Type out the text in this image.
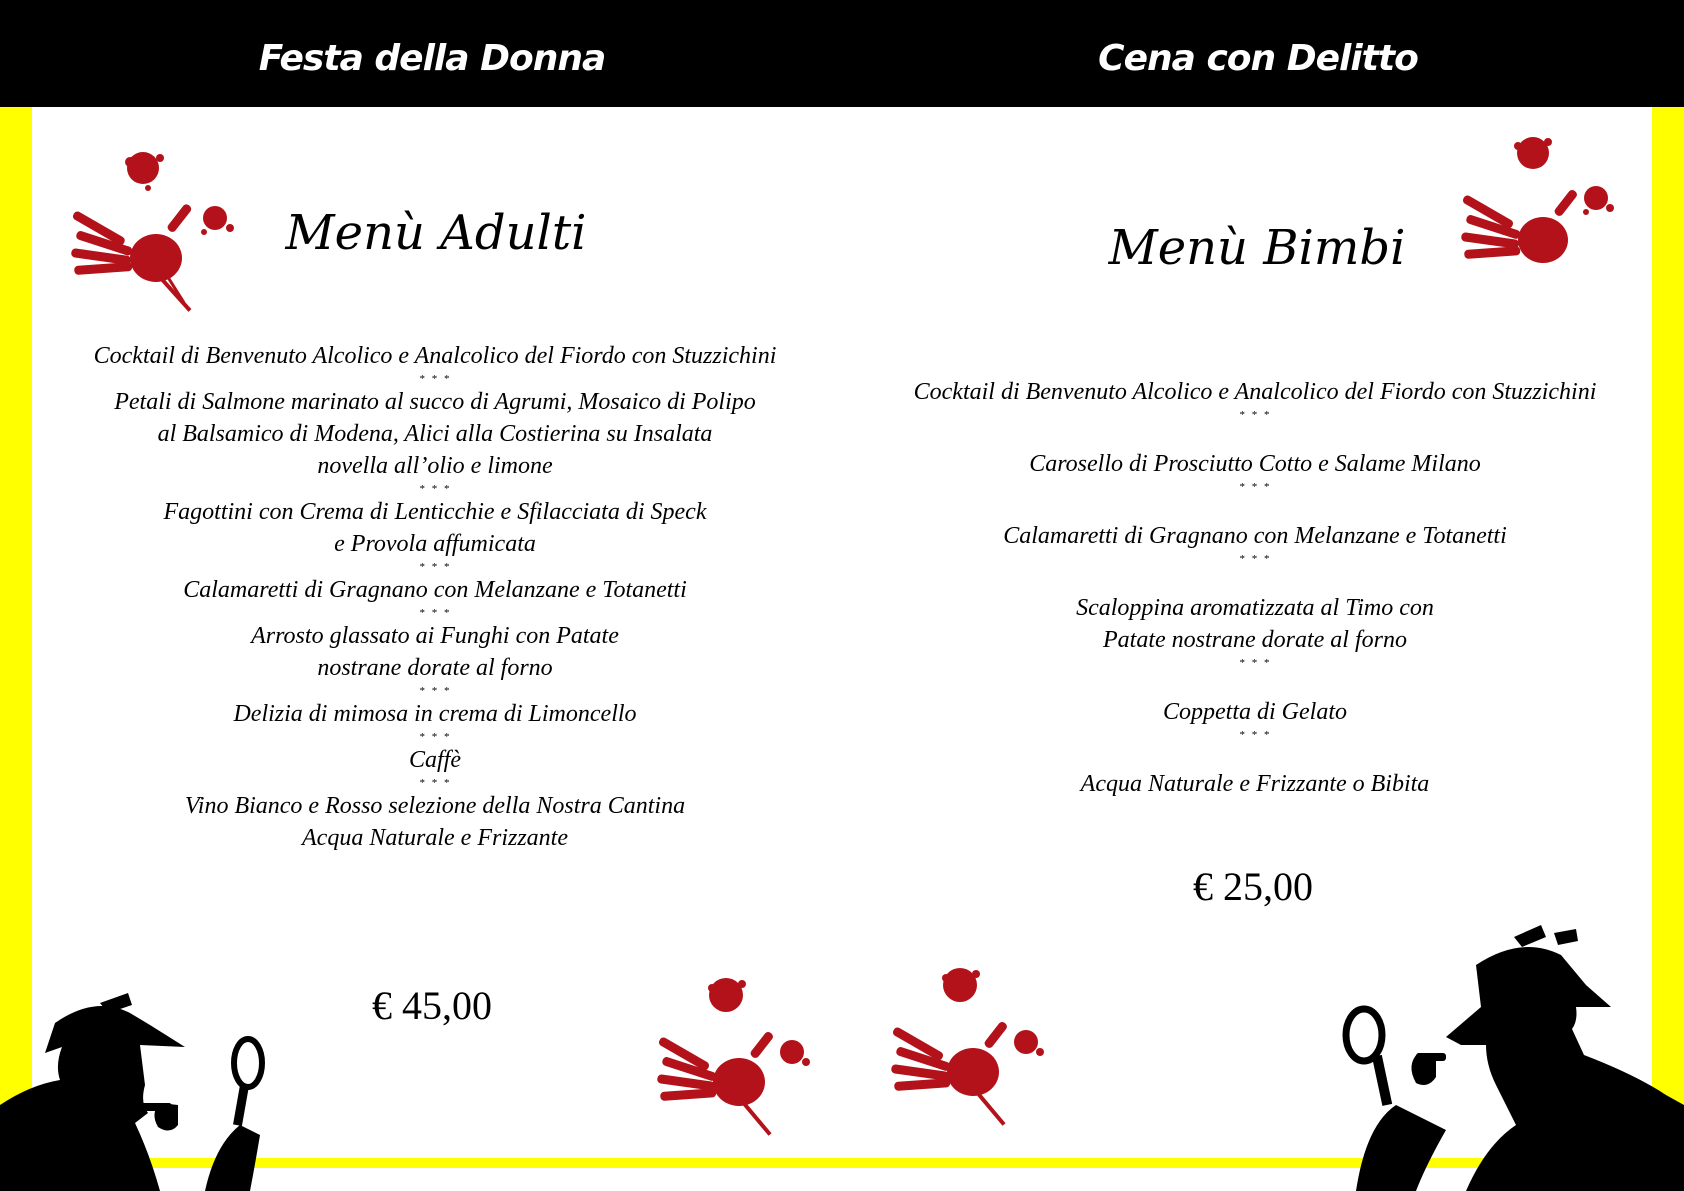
Festa della Donna	Cena con Delitto
Menù Adulti
Cocktail di Benvenuto Alcolico e Analcolico del Fiordo con Stuzzichini
* * *
Petali di Salmone marinato al succo di Agrumi, Mosaico di Polipo
al Balsamico di Modena, Alici alla Costierina su Insalata
novella all’olio e limone
* * *
Fagottini con Crema di Lenticchie e Sfilacciata di Speck
e Provola affumicata
* * *
Calamaretti di Gragnano con Melanzane e Totanetti
* * *
Arrosto glassato ai Funghi con Patate
nostrane dorate al forno
* * *
Delizia di mimosa in crema di Limoncello
* * *
Caffè
* * *
Vino Bianco e Rosso selezione della Nostra Cantina
Acqua Naturale e Frizzante
€ 45,00
Menù Bimbi
Cocktail di Benvenuto Alcolico e Analcolico del Fiordo con Stuzzichini
* * *
Carosello di Prosciutto Cotto e Salame Milano
* * *
Calamaretti di Gragnano con Melanzane e Totanetti
* * *
Scaloppina aromatizzata al Timo con
Patate nostrane dorate al forno
* * *
Coppetta di Gelato
* * *
Acqua Naturale e Frizzante o Bibita
€ 25,00
